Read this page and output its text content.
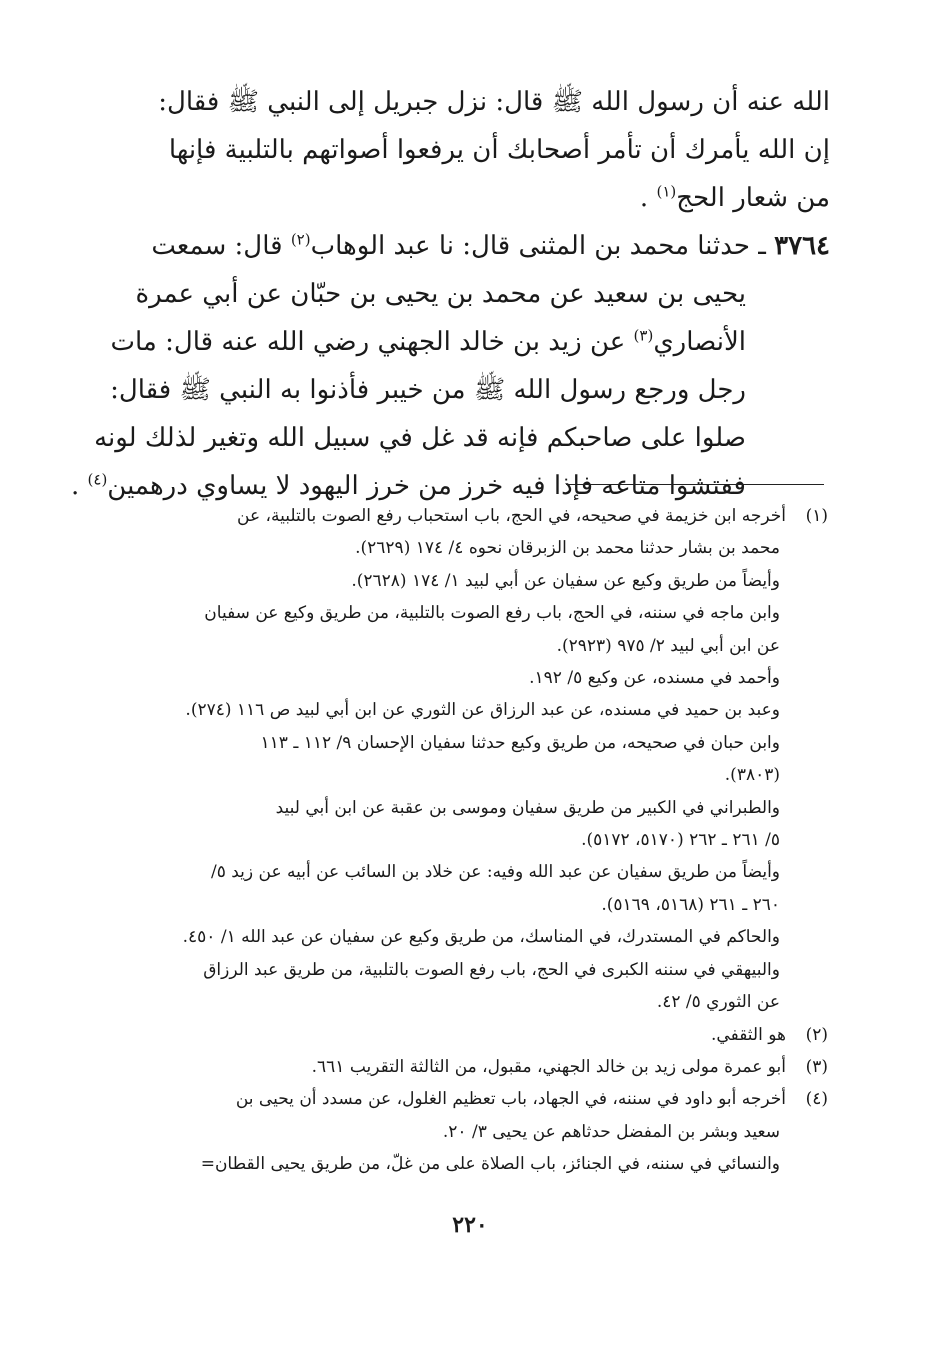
الله عنه أن رسول الله ﷺ قال: نزل جبريل إلى النبي ﷺ فقال:
إن الله يأمرك أن تأمر أصحابك أن يرفعوا أصواتهم بالتلبية فإنها
من شعار الحج$^{(١)}$ .
٣٧٦٤ ـ حدثنا محمد بن المثنى قال: نا عبد الوهاب$^{(٢)}$ قال: سمعت
يحيى بن سعيد عن محمد بن يحيى بن حبّان عن أبي عمرة
الأنصاري$^{(٣)}$ عن زيد بن خالد الجهني رضي الله عنه قال: مات
رجل ورجع رسول الله ﷺ من خيبر فأذنوا به النبي ﷺ فقال:
صلوا على صاحبكم فإنه قد غل في سبيل الله وتغير لذلك لونه
ففتشوا متاعه فإذا فيه خرز من خرز اليهود لا يساوي درهمين$^{(٤)}$ .
(١)أخرجه ابن خزيمة في صحيحه، في الحج، باب استحباب رفع الصوت بالتلبية، عن
محمد بن بشار حدثنا محمد بن الزبرقان نحوه ٤/ ١٧٤ (٢٦٢٩).
وأيضاً من طريق وكيع عن سفيان عن أبي لبيد ١/ ١٧٤ (٢٦٢٨).
وابن ماجه في سننه، في الحج، باب رفع الصوت بالتلبية، من طريق وكيع عن سفيان
عن ابن أبي لبيد ٢/ ٩٧٥ (٢٩٢٣).
وأحمد في مسنده، عن وكيع ٥/ ١٩٢.
وعبد بن حميد في مسنده، عن عبد الرزاق عن الثوري عن ابن أبي لبيد ص ١١٦ (٢٧٤).
وابن حبان في صحيحه، من طريق وكيع حدثنا سفيان الإحسان ٩/ ١١٢ ـ ١١٣
(٣٨٠٣).
والطبراني في الكبير من طريق سفيان وموسى بن عقبة عن ابن أبي لبيد
٥/ ٢٦١ ـ ٢٦٢ (٥١٧٠، ٥١٧٢).
وأيضاً من طريق سفيان عن عبد الله وفيه: عن خلاد بن السائب عن أبيه عن زيد ٥/
٢٦٠ ـ ٢٦١ (٥١٦٨، ٥١٦٩).
والحاكم في المستدرك، في المناسك، من طريق وكيع عن سفيان عن عبد الله ١/ ٤٥٠.
والبيهقي في سننه الكبرى في الحج، باب رفع الصوت بالتلبية، من طريق عبد الرزاق
عن الثوري ٥/ ٤٢.
(٢)هو الثقفي.
(٣)أبو عمرة مولى زيد بن خالد الجهني، مقبول، من الثالثة التقريب ٦٦١.
(٤)أخرجه أبو داود في سننه، في الجهاد، باب تعظيم الغلول، عن مسدد أن يحيى بن
سعيد وبشر بن المفضل حدثاهم عن يحيى ٣/ ٢٠.
والنسائي في سننه، في الجنائز، باب الصلاة على من غلّ، من طريق يحيى القطان=
٢٢٠
